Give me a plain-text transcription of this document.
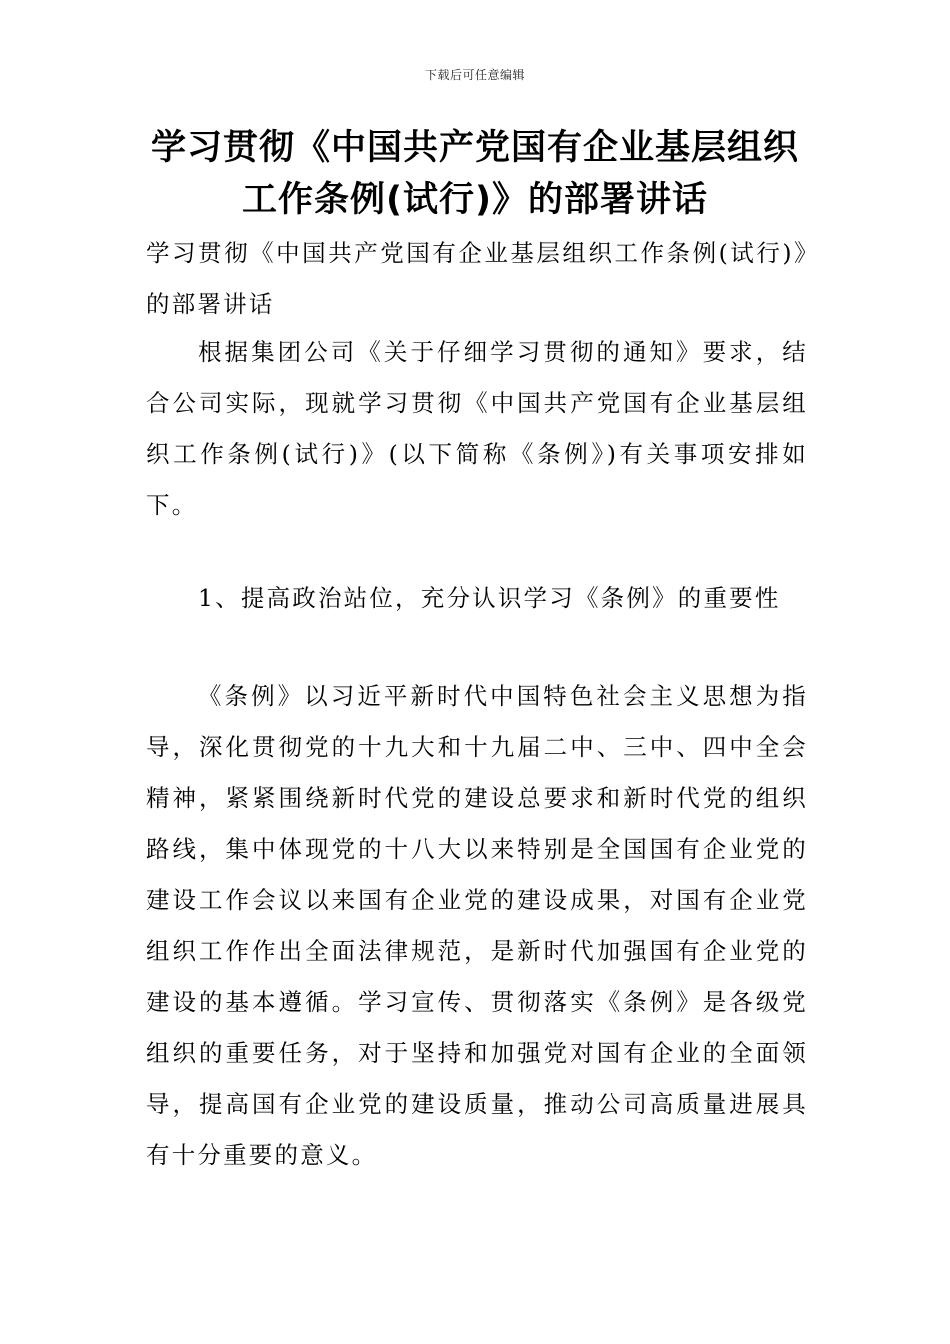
下载后可任意编辑
学习贯彻《中国共产党国有企业基层组织
工作条例(试行)》的部署讲话

学习贯彻《中国共产党国有企业基层组织工作条例(试行)》的部署讲话

根据集团公司《关于仔细学习贯彻的通知》要求，结合公司实际，现就学习贯彻《中国共产党国有企业基层组织工作条例(试行)》(以下简称《条例》)有关事项安排如下。

1、提高政治站位，充分认识学习《条例》的重要性

《条例》以习近平新时代中国特色社会主义思想为指导，深化贯彻党的十九大和十九届二中、三中、四中全会精神，紧紧围绕新时代党的建设总要求和新时代党的组织路线，集中体现党的十八大以来特别是全国国有企业党的建设工作会议以来国有企业党的建设成果，对国有企业党组织工作作出全面法律规范，是新时代加强国有企业党的建设的基本遵循。学习宣传、贯彻落实《条例》是各级党组织的重要任务，对于坚持和加强党对国有企业的全面领导，提高国有企业党的建设质量，推动公司高质量进展具有十分重要的意义。
